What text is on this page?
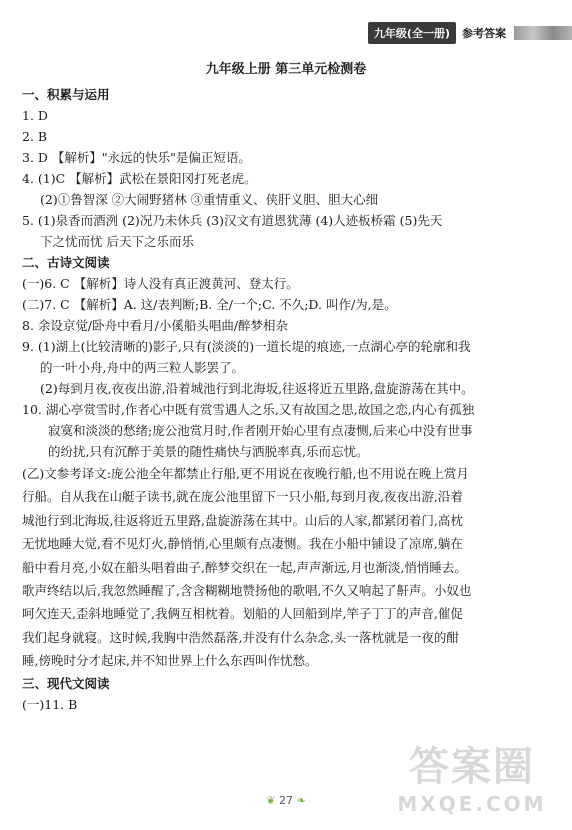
九年级(全一册)	参考答案
九年级上册 第三单元检测卷
一、积累与运用
1. D
2. B
3. D 【解析】"永远的快乐"是偏正短语。
4. (1)C 【解析】武松在景阳冈打死老虎。
(2)①鲁智深 ②大闹野猪林 ③重情重义、侠肝义胆、胆大心细
5. (1)泉香而酒洌 (2)况乃未休兵 (3)汉文有道恩犹薄 (4)人迹板桥霜 (5)先天
下之忧而忧 后天下之乐而乐
二、古诗文阅读
(一)6. C 【解析】诗人没有真正渡黄河、登太行。
(二)7. C 【解析】A. 这/表判断;B. 全/一个;C. 不久;D. 叫作/为,是。
8. 余设京觉/卧舟中看月/小傒船头唱曲/醉梦相杂
9. (1)湖上(比较清晰的)影子,只有(淡淡的)一道长堤的痕迹,一点湖心亭的轮廓和我
的一叶小舟,舟中的两三粒人影罢了。
(2)每到月夜,夜夜出游,沿着城池行到北海坂,往返将近五里路,盘旋游荡在其中。
10. 湖心亭赏雪时,作者心中既有赏雪遇人之乐,又有故国之思,故国之恋,内心有孤独
寂寞和淡淡的愁绪;庞公池赏月时,作者刚开始心里有点凄恻,后来心中没有世事
的纷扰,只有沉醉于美景的随性痛快与洒脱率真,乐而忘忧。
(乙)文参考译文:庞公池全年都禁止行船,更不用说在夜晚行船,也不用说在晚上赏月
行船。自从我在山艇子读书,就在庞公池里留下一只小船,每到月夜,夜夜出游,沿着
城池行到北海坂,往返将近五里路,盘旋游荡在其中。山后的人家,都紧闭着门,高枕
无忧地睡大觉,看不见灯火,静悄悄,心里颇有点凄恻。我在小船中铺设了凉席,躺在
船中看月亮,小奴在船头唱着曲子,醉梦交织在一起,声声渐远,月也渐淡,悄悄睡去。
歌声终结以后,我忽然睡醒了,含含糊糊地赞扬他的歌唱,不久又响起了鼾声。小奴也
呵欠连天,歪斜地睡觉了,我俩互相枕着。划船的人回船到岸,竿子丁丁的声音,催促
我们起身就寝。这时候,我胸中浩然磊落,并没有什么杂念,头一落枕就是一夜的酣
睡,傍晚时分才起床,并不知世界上什么东西叫作忧愁。
三、现代文阅读
(一)11. B
❦ 27 ❧
答案圈
MXQE.COM
